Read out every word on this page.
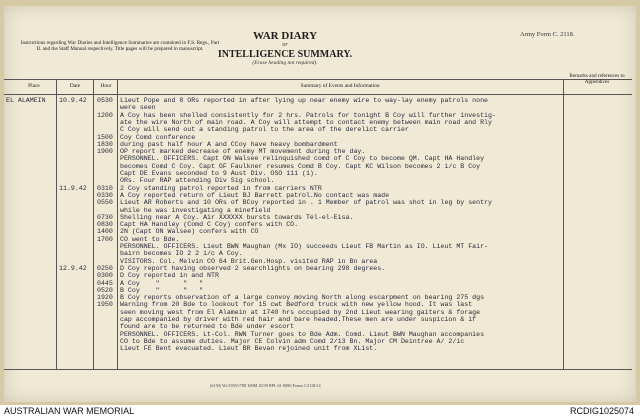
Instructions regarding War Diaries and Intelligence Summaries are contained in F.S. Regs., Part II. and the Staff Manual respectively. Title pages will be prepared in manuscript.
WAR DIARY
or
INTELLIGENCE SUMMARY.
(Erase heading not required).
Army Form C. 2118.
Place	Date	Hour	Summary of Events and Information
Remarks and references to Appendices
EL ALAMEIN 10.9.42 0530 Lieut Pope and 8 ORs reported in after lying up near enemy wire to way-lay enemy patrols none
were seen
1200 A Coy has been shelled consistently for 2 hrs. Patrols for tonight B Coy will further investig-
ate the wire North of main road. A Coy will attempt to contact enemy between main road and Rly
C Coy will send out a standing patrol to the area of the derelict carrier
1500 Coy Comd conference
1830 during past half hour A and CCoy have heavy bombardment
1900 OP report marked decrease of enemy MT movement during the day.
PERSONNEL. OFFICERS. Capt ON Walsee relinquished comd of C Coy to become QM. Capt HA Handley
becomes Comd C Coy. Capt GF Faulkner resumes Comd B Coy. Capt KC Wilson becomes 2 i/c B Coy
Capt DE Evans seconded to 9 Aust Div. OSO 111 (1).
ORs. Four RAP attending Div Sig school.
11.9.42 0310 2 Coy standing patrol reported in from carriers NTR
0330 A Coy reported return of Lieut BJ Barrett patrol.No contact was made
0550 Lieut AR Roberts and 10 ORs of BCoy reported in . 1 Member of patrol was shot in leg by sentry
while he was investigating a minefield
0730 Shelling near A Coy. Air XXXXXX bursts towards Tel-el-Eisa.
0830 Capt HA Handley (Comd C Coy) confers with CO.
1400 2N (Capt ON Walsee) confers with CO
1700 CO went to Bde.
PERSONNEL. OFFICERS. Lieut BWN Maughan (Mx IO) succeeds Lieut FB Martin as IO. Lieut MT Fair-
bairn becomes IO 2 2 i/c A Coy.
VISITORS. Col. Melvin CO 64 Brit.Gen.Hosp. visited RAP in Bn area
12.9.42 0250 D Coy report having observed 2 searchlights on bearing 298 degrees.
0300 D Coy reported in and NTR
0445 A Coy    "      "   "
0520 B Coy    "      "   "
1920 B Coy reports observation of a large convoy moving North along escarpment on bearing 275 dgs
1950 Warning from 20 Bde to lookout for 15 cwt Bedford truck with new yellow hood. It was last
seen moving west from El Alamein at 1740 hrs occupied by 2nd Lieut wearing gaiters & forage
cap accompanied by driver with red hair and bare headed.These men are under suspicion & if
found are to be returned to Bde under escort
PERSONNEL. OFFICERS. Lt-Col. RWN Turner goes to Bde Adm. Comd. Lieut BWN Maughan accompanies
CO to Bde to assume duties. Major CE Colvin adm Comd 2/13 Bn. Major CM Deintree A/ 2/ic
Lieut FE Bent evacuated. Lieut BR Bevan rejoined unit from XList.
(6150) Wt.5595/1788 100M 10/39 BPL 61-9086 Forms C2118/14
AUSTRALIAN WAR MEMORIAL	RCDIG1025074
